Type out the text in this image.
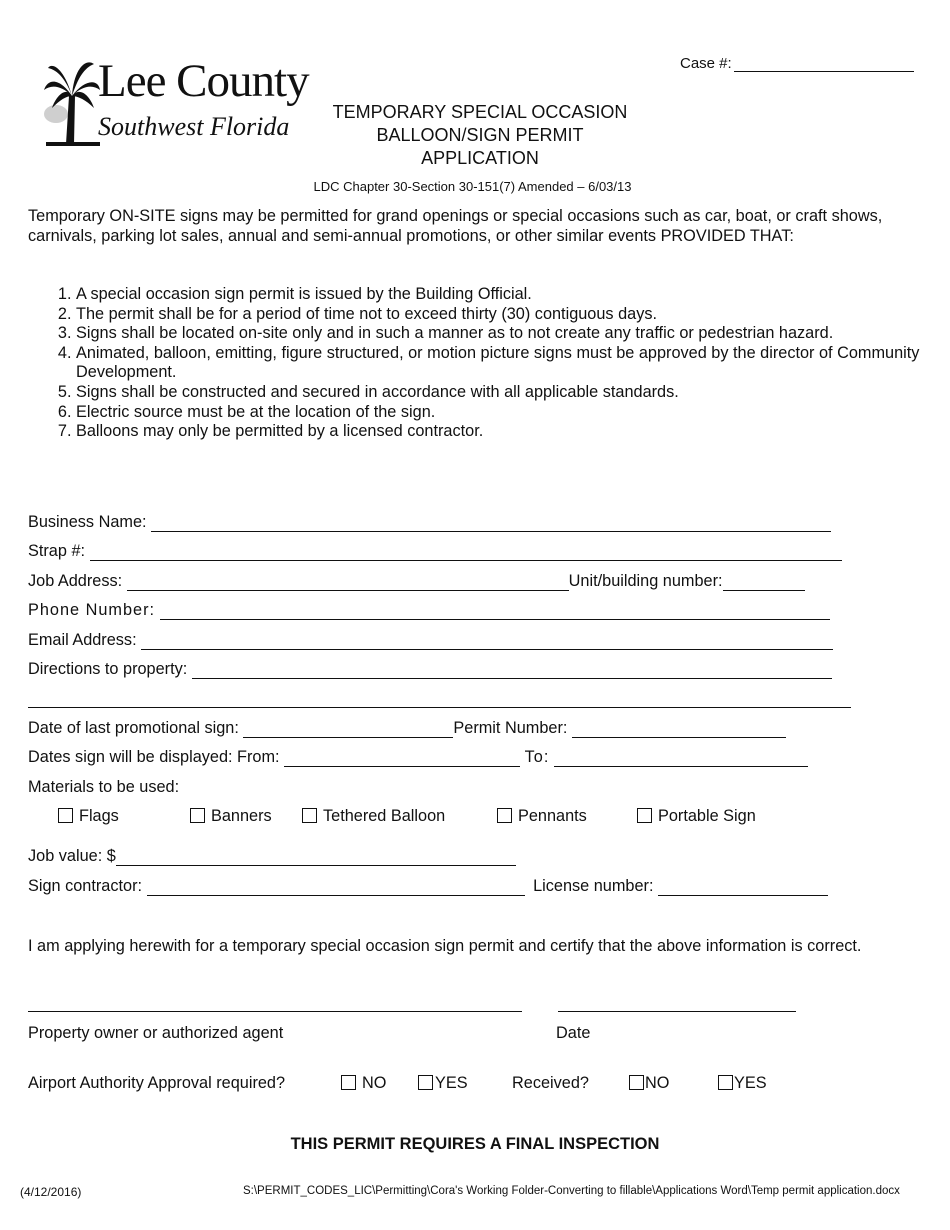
Lee County
Southwest Florida
Case #:
TEMPORARY SPECIAL OCCASION
BALLOON/SIGN PERMIT
APPLICATION
LDC Chapter 30-Section 30-151(7) Amended – 6/03/13
Temporary ON-SITE signs may be permitted for grand openings or special occasions such as car, boat, or craft shows, carnivals, parking lot sales, annual and semi-annual promotions, or other similar events PROVIDED THAT:
1. A special occasion sign permit is issued by the Building Official.
2. The permit shall be for a period of time not to exceed thirty (30) contiguous days.
3. Signs shall be located on-site only and in such a manner as to not create any traffic or pedestrian hazard.
4. Animated, balloon, emitting, figure structured, or motion picture signs must be approved by the director of Community Development.
5. Signs shall be constructed and secured in accordance with all applicable standards.
6. Electric source must be at the location of the sign.
7. Balloons may only be permitted by a licensed contractor.
Business Name:
Strap #:
Job Address:	Unit/building number:
Phone Number:
Email Address:
Directions to property:
Date of last promotional sign:	Permit Number:
Dates sign will be displayed: From:	To:
Materials to be used:
Flags	Banners	Tethered Balloon	Pennants	Portable Sign
Job value: $
Sign contractor:	License number:
I am applying herewith for a temporary special occasion sign permit and certify that the above information is correct.
Property owner or authorized agent	Date
Airport Authority Approval required?	NO	YES	Received?	NO	YES
THIS PERMIT REQUIRES A FINAL INSPECTION
(4/12/2016)	S:\PERMIT_CODES_LIC\Permitting\Cora's Working Folder-Converting to fillable\Applications Word\Temp permit application.docx
